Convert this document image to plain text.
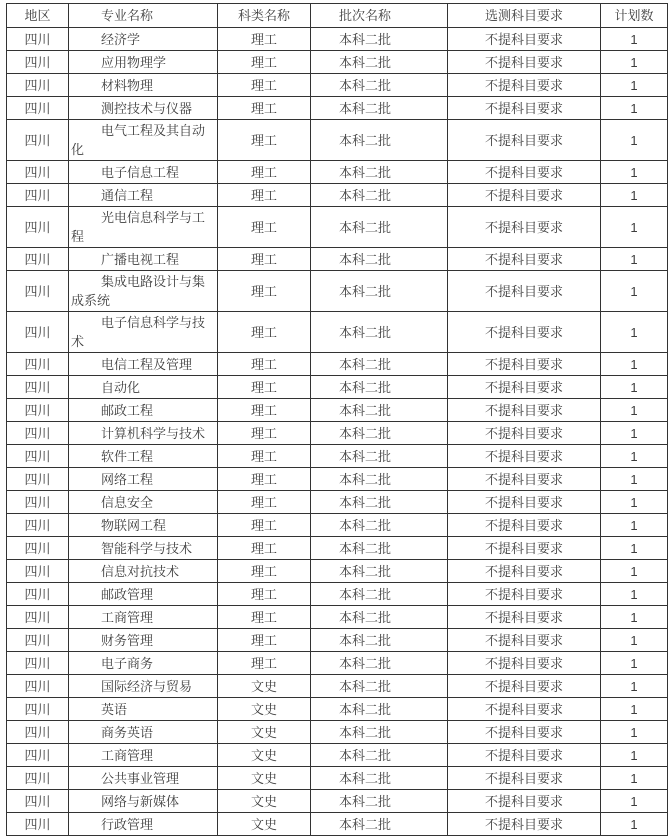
地区	专业名称	科类名称	批次名称	选测科目要求	计划数
四川	经济学	理工	本科二批	不提科目要求	1
四川	应用物理学	理工	本科二批	不提科目要求	1
四川	材料物理	理工	本科二批	不提科目要求	1
四川	测控技术与仪器	理工	本科二批	不提科目要求	1
四川	电气工程及其自动化	理工	本科二批	不提科目要求	1
四川	电子信息工程	理工	本科二批	不提科目要求	1
四川	通信工程	理工	本科二批	不提科目要求	1
四川	光电信息科学与工程	理工	本科二批	不提科目要求	1
四川	广播电视工程	理工	本科二批	不提科目要求	1
四川	集成电路设计与集成系统	理工	本科二批	不提科目要求	1
四川	电子信息科学与技术	理工	本科二批	不提科目要求	1
四川	电信工程及管理	理工	本科二批	不提科目要求	1
四川	自动化	理工	本科二批	不提科目要求	1
四川	邮政工程	理工	本科二批	不提科目要求	1
四川	计算机科学与技术	理工	本科二批	不提科目要求	1
四川	软件工程	理工	本科二批	不提科目要求	1
四川	网络工程	理工	本科二批	不提科目要求	1
四川	信息安全	理工	本科二批	不提科目要求	1
四川	物联网工程	理工	本科二批	不提科目要求	1
四川	智能科学与技术	理工	本科二批	不提科目要求	1
四川	信息对抗技术	理工	本科二批	不提科目要求	1
四川	邮政管理	理工	本科二批	不提科目要求	1
四川	工商管理	理工	本科二批	不提科目要求	1
四川	财务管理	理工	本科二批	不提科目要求	1
四川	电子商务	理工	本科二批	不提科目要求	1
四川	国际经济与贸易	文史	本科二批	不提科目要求	1
四川	英语	文史	本科二批	不提科目要求	1
四川	商务英语	文史	本科二批	不提科目要求	1
四川	工商管理	文史	本科二批	不提科目要求	1
四川	公共事业管理	文史	本科二批	不提科目要求	1
四川	网络与新媒体	文史	本科二批	不提科目要求	1
四川	行政管理	文史	本科二批	不提科目要求	1
